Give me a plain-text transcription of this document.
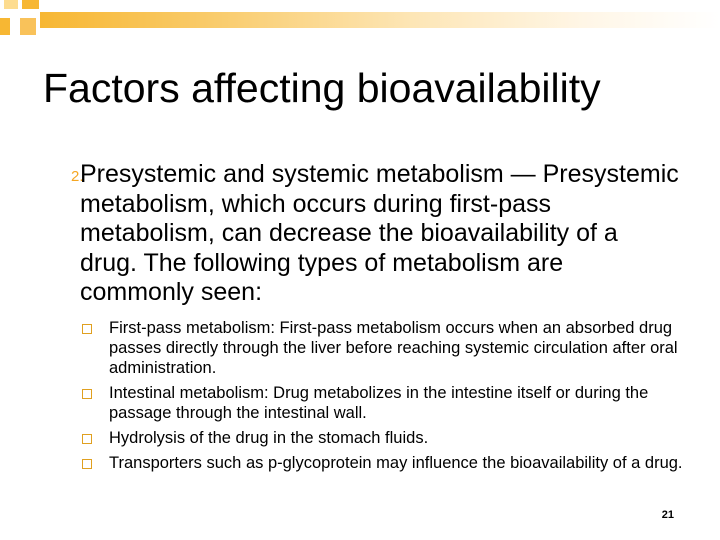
Factors affecting bioavailability
2.
Presystemic and systemic metabolism — Presystemic metabolism, which occurs during first-pass metabolism, can decrease the bioavailability of a drug. The following types of metabolism are commonly seen:
First-pass metabolism: First-pass metabolism occurs when an absorbed drug passes directly through the liver before reaching systemic circulation after oral administration.
Intestinal metabolism: Drug metabolizes in the intestine itself or during the passage through the intestinal wall.
Hydrolysis of the drug in the stomach fluids.
Transporters such as p-glycoprotein may influence the bioavailability of a drug.
21
